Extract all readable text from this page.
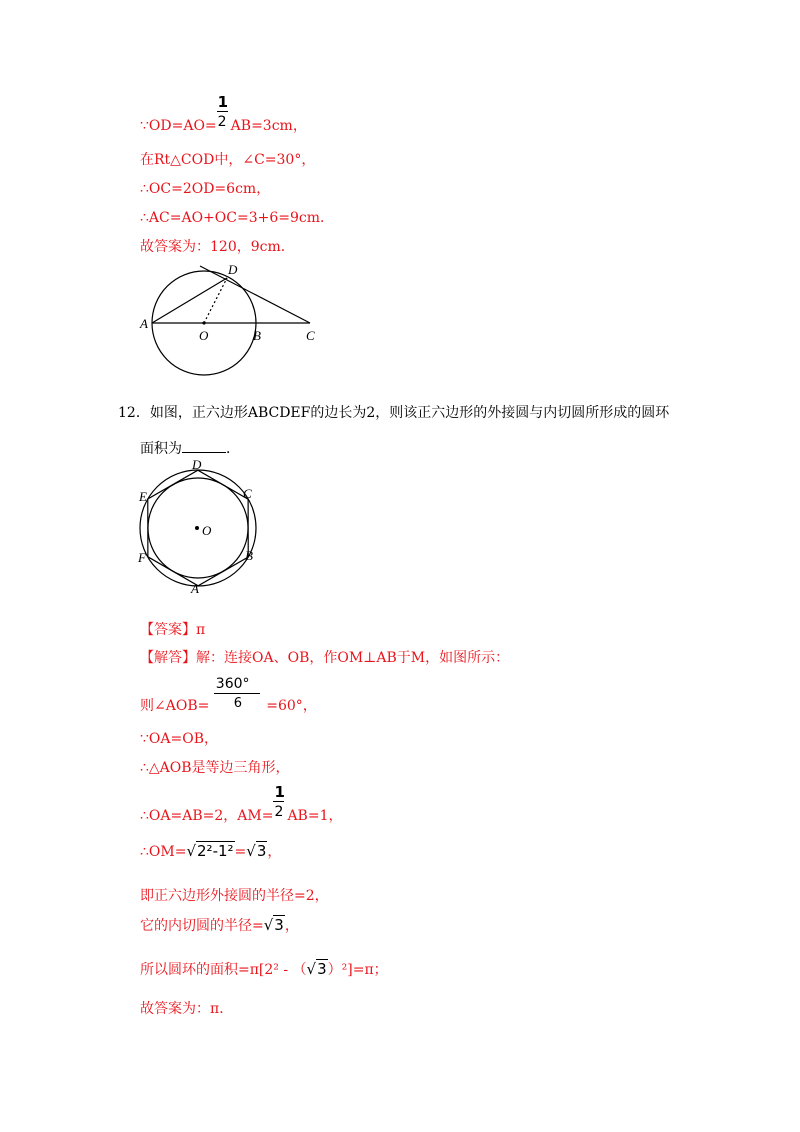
∵OD=AO= $\frac{1}{2} AB=3cm$，
在Rt△COD中，∠C=30°，
∴OC=2OD=6cm，
∴AC=AO+OC=3+6=9cm．
故答案为：120，9cm．
A
O	B	C
D
12．如图，正六边形ABCDEF的边长为2，则该正六边形的外接圆与内切圆所形成的圆环
面积为	．
D
C
E
O
B
F
A
【答案】π
【解答】解：连接OA、OB，作OM⊥AB于M，如图所示：
则∠AOB= $\frac{360^\circ}{6} =60^\circ$，
∵OA=OB，
∴△AOB是等边三角形，
∴OA=AB=2，$AM= \frac{1}{2} AB=1$，
∴OM=√2²-1²=√3，
即正六边形外接圆的半径=2，
它的内切圆的半径=√3，
所以圆环的面积=π[2² - （√3）²]=π；
故答案为：π．
